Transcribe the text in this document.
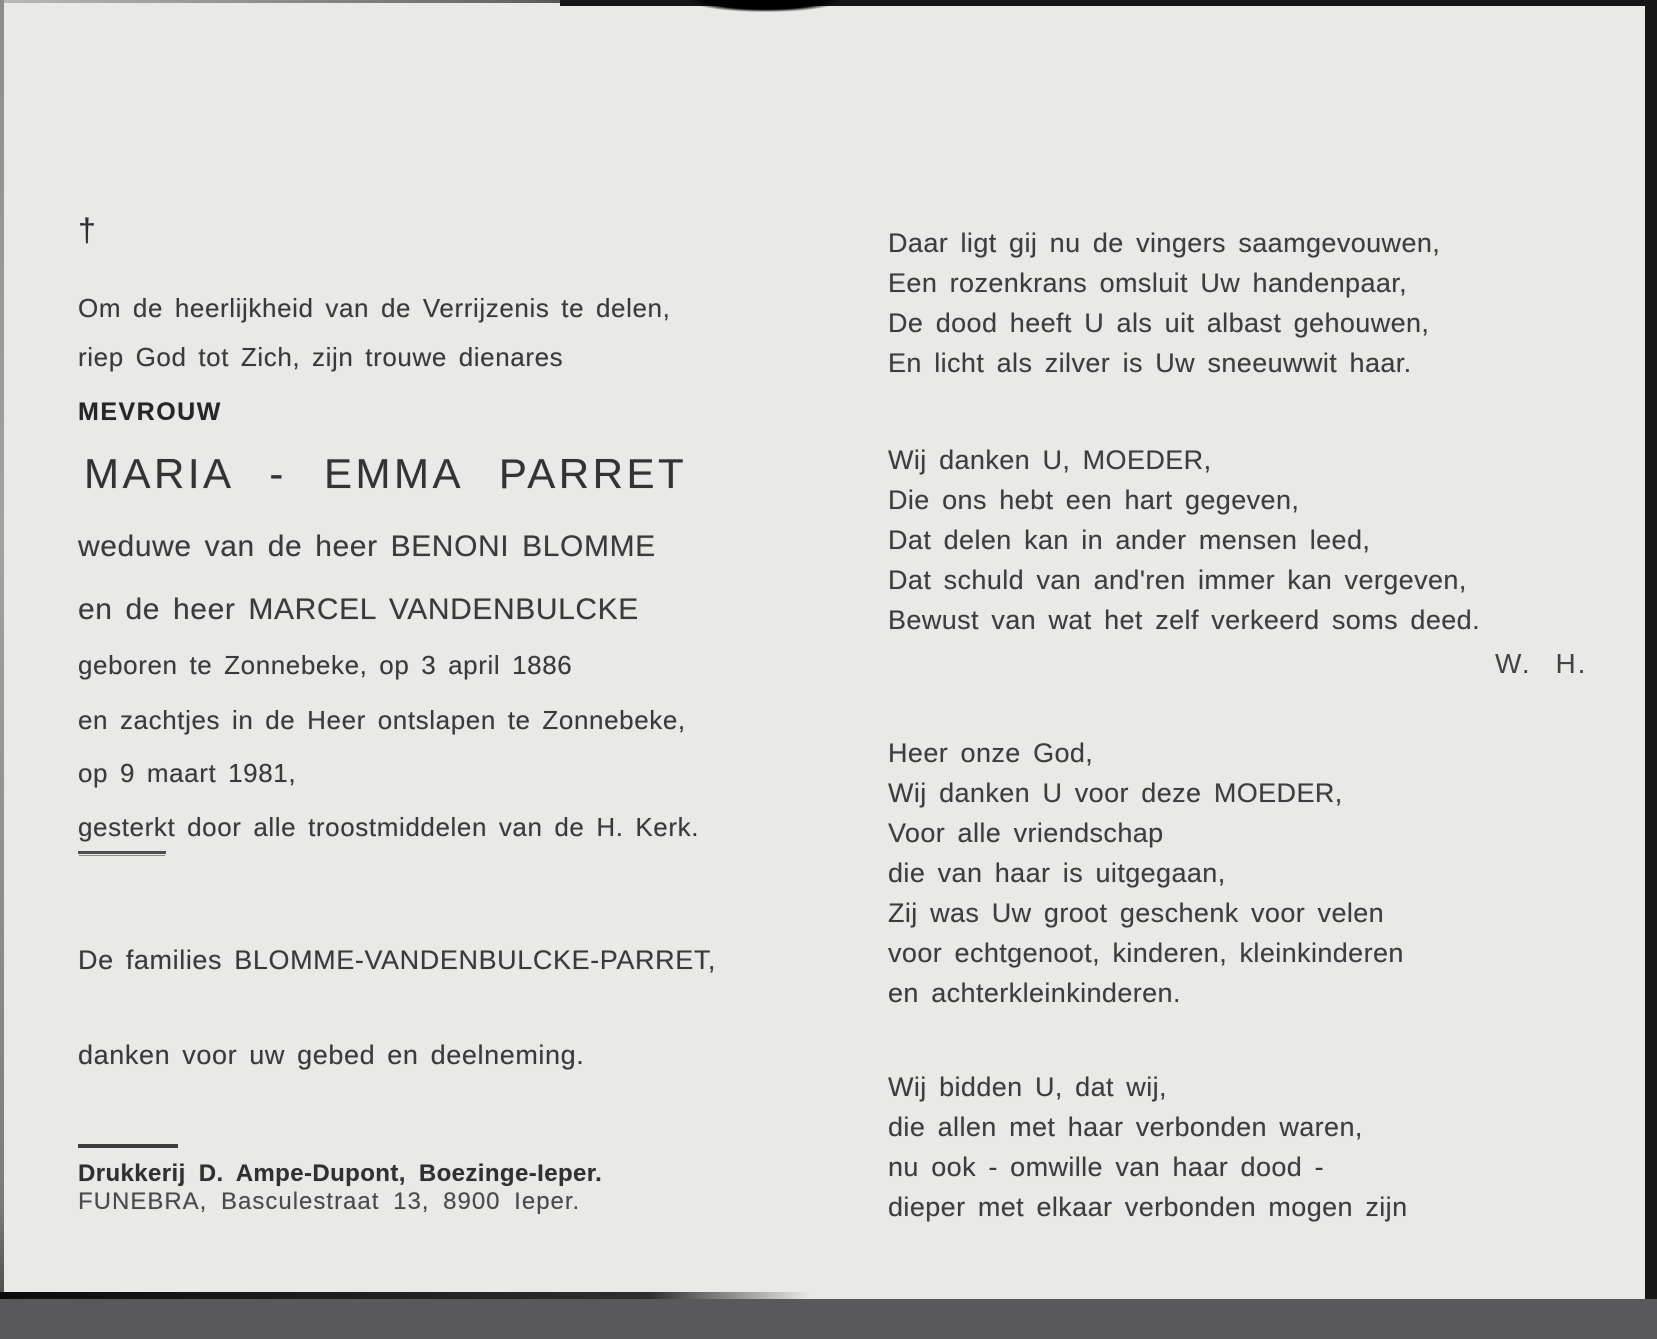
†
Om de heerlijkheid van de Verrijzenis te delen,
riep God tot Zich, zijn trouwe dienares
MEVROUW
MARIA - EMMA PARRET
weduwe van de heer BENONI BLOMME
en de heer MARCEL VANDENBULCKE
geboren te Zonnebeke, op 3 april 1886
en zachtjes in de Heer ontslapen te Zonnebeke,
op 9 maart 1981,
gesterkt door alle troostmiddelen van de H. Kerk.
De families BLOMME-VANDENBULCKE-PARRET,
danken voor uw gebed en deelneming.
Drukkerij D. Ampe-Dupont, Boezinge-Ieper.
FUNEBRA, Basculestraat 13, 8900 Ieper.
Daar ligt gij nu de vingers saamgevouwen,
Een rozenkrans omsluit Uw handenpaar,
De dood heeft U als uit albast gehouwen,
En licht als zilver is Uw sneeuwwit haar.
Wij danken U, MOEDER,
Die ons hebt een hart gegeven,
Dat delen kan in ander mensen leed,
Dat schuld van and'ren immer kan vergeven,
Bewust van wat het zelf verkeerd soms deed.
W. H.
Heer onze God,
Wij danken U voor deze MOEDER,
Voor alle vriendschap
die van haar is uitgegaan,
Zij was Uw groot geschenk voor velen
voor echtgenoot, kinderen, kleinkinderen
en achterkleinkinderen.
Wij bidden U, dat wij,
die allen met haar verbonden waren,
nu ook - omwille van haar dood -
dieper met elkaar verbonden mogen zijn
